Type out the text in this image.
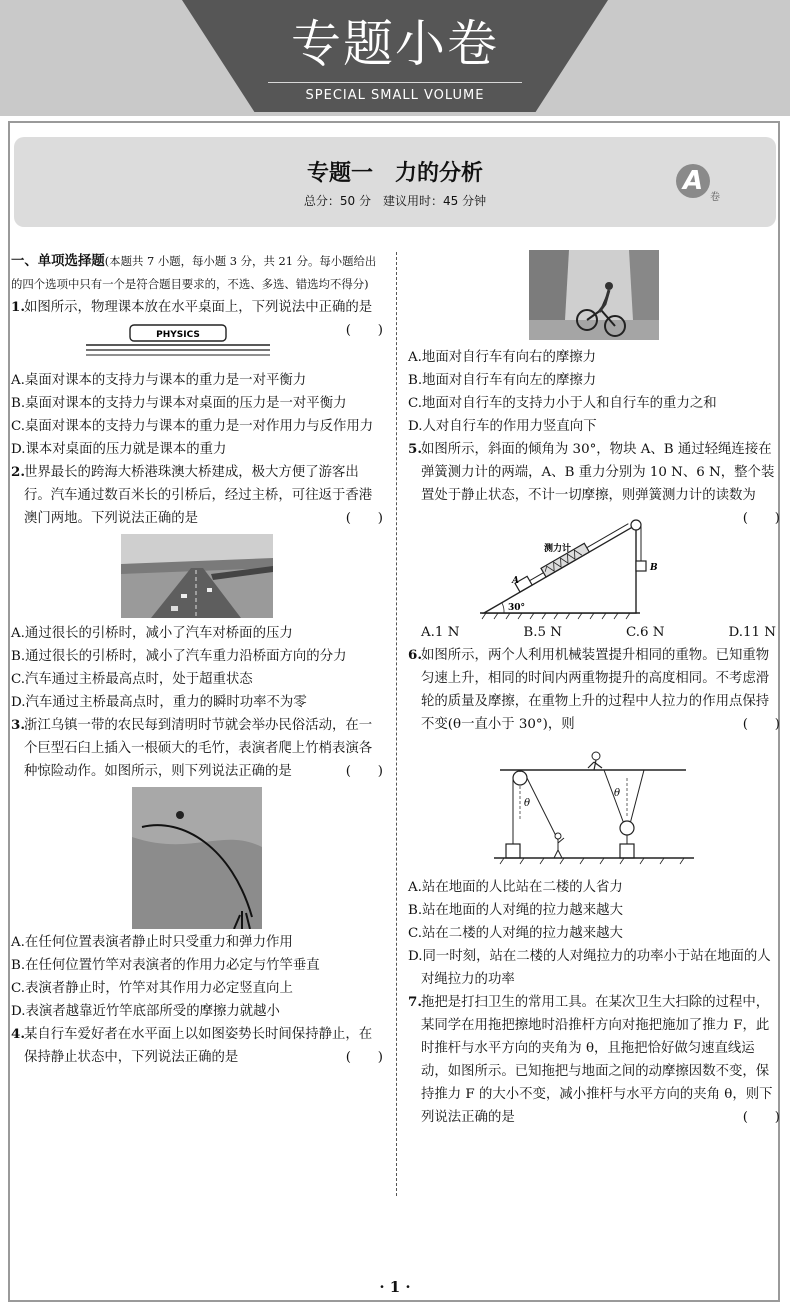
专题小卷
SPECIAL SMALL VOLUME
专题一　力的分析
总分：50 分　建议用时：45 分钟
A
卷

一、单项选择题(本题共 7 小题，每小题 3 分，共 21 分。每小题给出的四个选项中只有一个是符合题目要求的，不选、多选、错选均不得分)

1. 如图所示，物理课本放在水平桌面上，下列说法中正确的是
(　　)
PHYSICS

A.桌面对课本的支持力与课本的重力是一对平衡力

B.桌面对课本的支持力与课本对桌面的压力是一对平衡力

C.桌面对课本的支持力与课本的重力是一对作用力与反作用力

D.课本对桌面的压力就是课本的重力

2. 世界最长的跨海大桥港珠澳大桥建成，极大方便了游客出行。汽车通过数百米长的引桥后，经过主桥，可往返于香港澳门两地。下列说法正确的是	(　　)

A.通过很长的引桥时，减小了汽车对桥面的压力

B.通过很长的引桥时，减小了汽车重力沿桥面方向的分力

C.汽车通过主桥最高点时，处于超重状态

D.汽车通过主桥最高点时，重力的瞬时功率不为零

3. 浙江乌镇一带的农民每到清明时节就会举办民俗活动，在一个巨型石臼上插入一根硕大的毛竹，表演者爬上竹梢表演各种惊险动作。如图所示，则下列说法正确的是	(　　)

A.在任何位置表演者静止时只受重力和弹力作用

B.在任何位置竹竿对表演者的作用力必定与竹竿垂直

C.表演者静止时，竹竿对其作用力必定竖直向上

D.表演者越靠近竹竿底部所受的摩擦力就越小

4. 某自行车爱好者在水平面上以如图姿势长时间保持静止，在保持静止状态中，下列说法正确的是	(　　)

A.地面对自行车有向右的摩擦力

B.地面对自行车有向左的摩擦力

C.地面对自行车的支持力小于人和自行车的重力之和

D.人对自行车的作用力竖直向下

5. 如图所示，斜面的倾角为 30°，物块 A、B 通过轻绳连接在弹簧测力计的两端，A、B 重力分别为 10 N、6 N，整个装置处于静止状态，不计一切摩擦，则弹簧测力计的读数为
(　　)
B
A
测力计
30°
A.1 N	B.5 N	C.6 N	D.11 N
6. 如图所示，两个人利用机械装置提升相同的重物。已知重物匀速上升，相同的时间内两重物提升的高度相同。不考虑滑轮的质量及摩擦，在重物上升的过程中人拉力的作用点保持不变(θ一直小于 30°)，则	(　　)
θ
θ

A.站在地面的人比站在二楼的人省力

B.站在地面的人对绳的拉力越来越大

C.站在二楼的人对绳的拉力越来越大

D.同一时刻，站在二楼的人对绳拉力的功率小于站在地面的人对绳拉力的功率

7. 拖把是打扫卫生的常用工具。在某次卫生大扫除的过程中，某同学在用拖把擦地时沿推杆方向对拖把施加了推力 F，此时推杆与水平方向的夹角为 θ，且拖把恰好做匀速直线运动，如图所示。已知拖把与地面之间的动摩擦因数不变，保持推力 F 的大小不变，减小推杆与水平方向的夹角 θ，则下列说法正确的是	(　　)
· 1 ·
